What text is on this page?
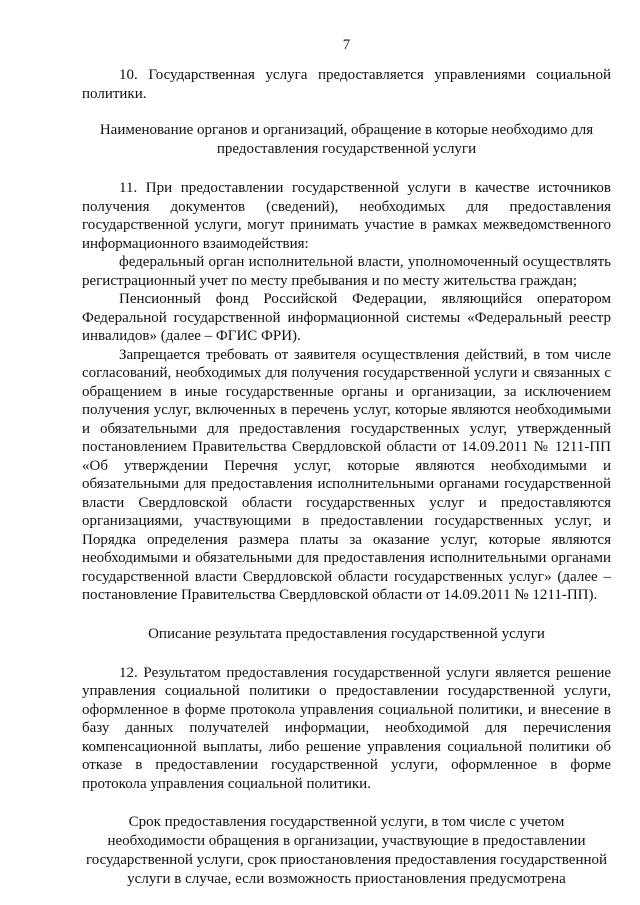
7

10. Государственная услуга предоставляется управлениями социальной политики.

Наименование органов и организаций, обращение в которые необходимо для предоставления государственной услуги

11. При предоставлении государственной услуги в качестве источников получения документов (сведений), необходимых для предоставления государственной услуги, могут принимать участие в рамках межведомственного информационного взаимодействия:

федеральный орган исполнительной власти, уполномоченный осуществлять регистрационный учет по месту пребывания и по месту жительства граждан;

Пенсионный фонд Российской Федерации, являющийся оператором Федеральной государственной информационной системы «Федеральный реестр инвалидов» (далее – ФГИС ФРИ).

Запрещается требовать от заявителя осуществления действий, в том числе согласований, необходимых для получения государственной услуги и связанных с обращением в иные государственные органы и организации, за исключением получения услуг, включенных в перечень услуг, которые являются необходимыми и обязательными для предоставления государственных услуг, утвержденный постановлением Правительства Свердловской области от 14.09.2011 № 1211-ПП «Об утверждении Перечня услуг, которые являются необходимыми и обязательными для предоставления исполнительными органами государственной власти Свердловской области государственных услуг и предоставляются организациями, участвующими в предоставлении государственных услуг, и Порядка определения размера платы за оказание услуг, которые являются необходимыми и обязательными для предоставления исполнительными органами государственной власти Свердловской области государственных услуг» (далее – постановление Правительства Свердловской области от 14.09.2011 № 1211-ПП).

Описание результата предоставления государственной услуги

12. Результатом предоставления государственной услуги является решение управления социальной политики о предоставлении государственной услуги, оформленное в форме протокола управления социальной политики, и внесение в базу данных получателей информации, необходимой для перечисления компенсационной выплаты, либо решение управления социальной политики об отказе в предоставлении государственной услуги, оформленное в форме протокола управления социальной политики.

Срок предоставления государственной услуги, в том числе с учетом необходимости обращения в организации, участвующие в предоставлении государственной услуги, срок приостановления предоставления государственной услуги в случае, если возможность приостановления предусмотрена
